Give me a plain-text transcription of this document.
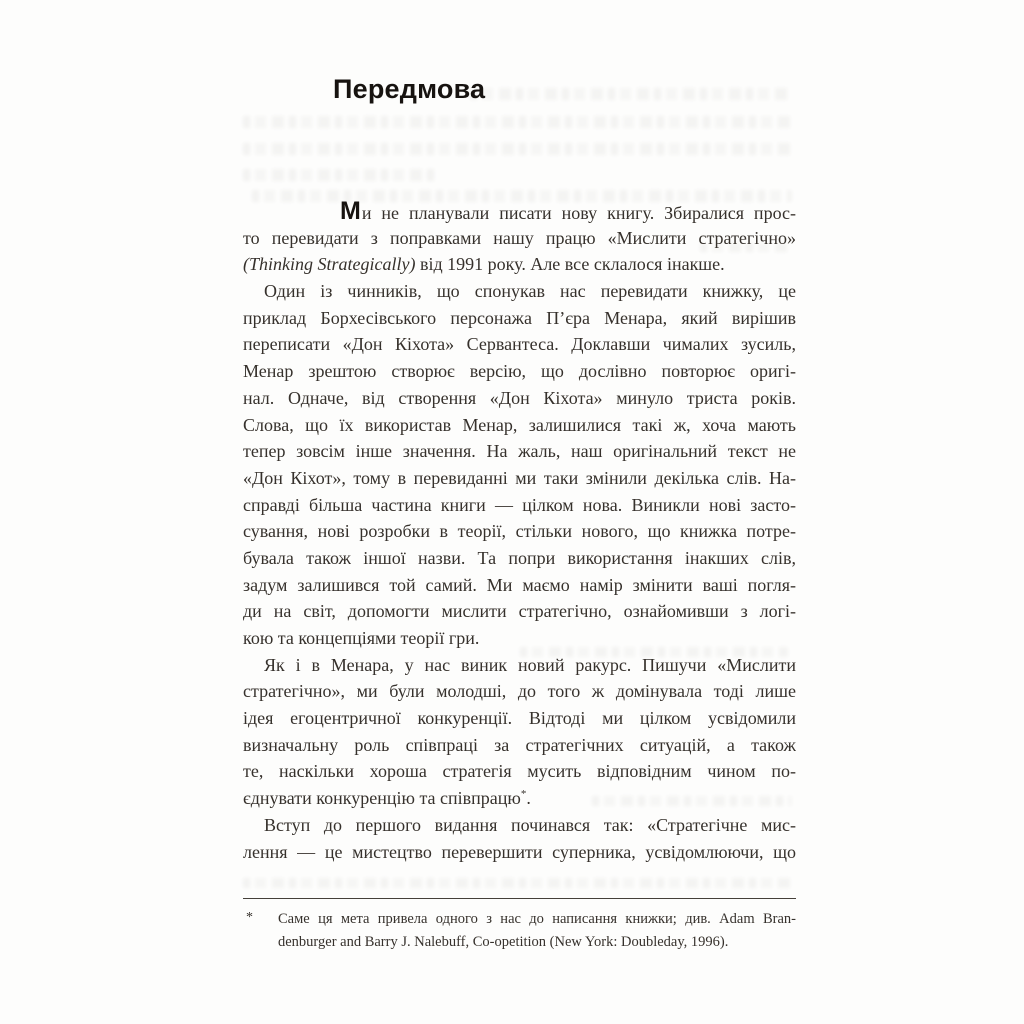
Передмова
Ми не планували писати нову книгу. Збиралися прос-
то перевидати з поправками нашу працю «Мислити стратегічно»
(Thinking Strategically) від 1991 року. Але все склалося інакше.
Один із чинників, що спонукав нас перевидати книжку, це
приклад Борхесівського персонажа П’єра Менара, який вирішив
переписати «Дон Кіхота» Сервантеса. Доклавши чималих зусиль,
Менар зрештою створює версію, що дослівно повторює оригі-
нал. Одначе, від створення «Дон Кіхота» минуло триста років.
Слова, що їх використав Менар, залишилися такі ж, хоча мають
тепер зовсім інше значення. На жаль, наш оригінальний текст не
«Дон Кіхот», тому в перевиданні ми таки змінили декілька слів. На-
справді більша частина книги — цілком нова. Виникли нові засто-
сування, нові розробки в теорії, стільки нового, що книжка потре-
бувала також іншої назви. Та попри використання інакших слів,
задум залишився той самий. Ми маємо намір змінити ваші погля-
ди на світ, допомогти мислити стратегічно, ознайомивши з логі-
кою та концепціями теорії гри.
Як і в Менара, у нас виник новий ракурс. Пишучи «Мислити
стратегічно», ми були молодші, до того ж домінувала тоді лише
ідея егоцентричної конкуренції. Відтоді ми цілком усвідомили
визначальну роль співпраці за стратегічних ситуацій, а також
те, наскільки хороша стратегія мусить відповідним чином по-
єднувати конкуренцію та співпрацю*.
Вступ до першого видання починався так: «Стратегічне мис-
лення — це мистецтво перевершити суперника, усвідомлюючи, що
* Саме ця мета привела одного з нас до написання книжки; див. Adam Bran-
denburger and Barry J. Nalebuff, Co-opetition (New York: Doubleday, 1996).
